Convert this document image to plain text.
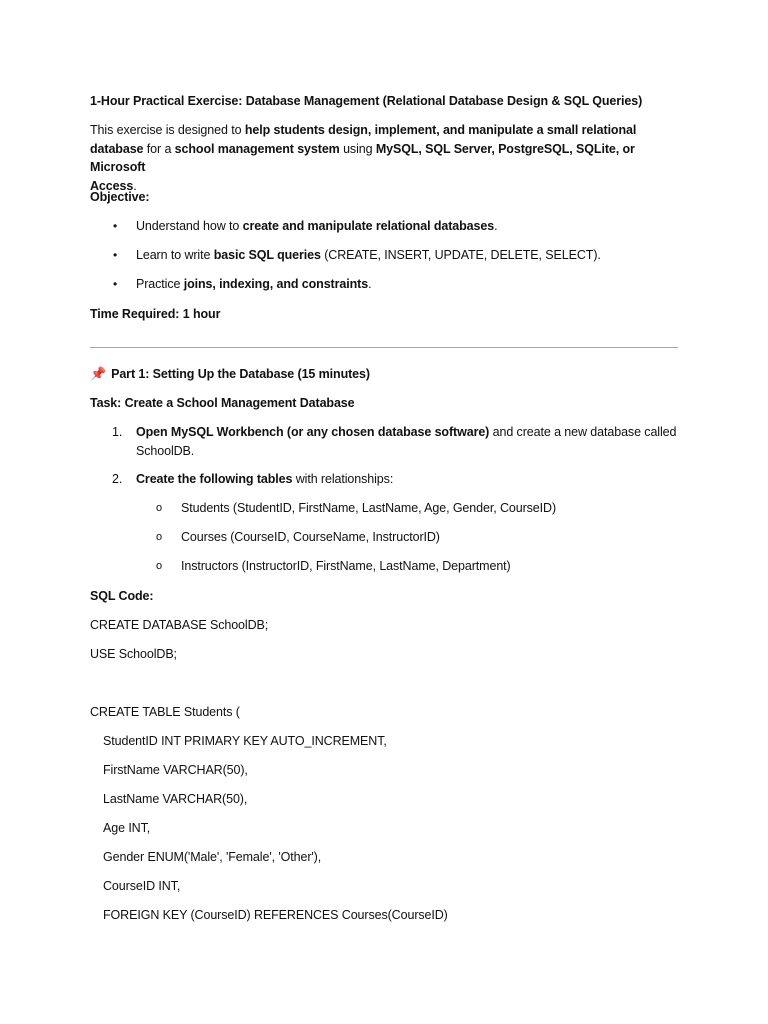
1-Hour Practical Exercise: Database Management (Relational Database Design & SQL Queries)
This exercise is designed to help students design, implement, and manipulate a small relational
database for a school management system using MySQL, SQL Server, PostgreSQL, SQLite, or Microsoft
Access.
Objective:
•	Understand how to create and manipulate relational databases.
•	Learn to write basic SQL queries (CREATE, INSERT, UPDATE, DELETE, SELECT).
•	Practice joins, indexing, and constraints.
Time Required: 1 hour
📌 Part 1: Setting Up the Database (15 minutes)
Task: Create a School Management Database
1.	Open MySQL Workbench (or any chosen database software) and create a new database called
SchoolDB.
2.	Create the following tables with relationships:
o	Students (StudentID, FirstName, LastName, Age, Gender, CourseID)
o	Courses (CourseID, CourseName, InstructorID)
o	Instructors (InstructorID, FirstName, LastName, Department)
SQL Code:
CREATE DATABASE SchoolDB;
USE SchoolDB;
CREATE TABLE Students (
StudentID INT PRIMARY KEY AUTO_INCREMENT,
FirstName VARCHAR(50),
LastName VARCHAR(50),
Age INT,
Gender ENUM('Male', 'Female', 'Other'),
CourseID INT,
FOREIGN KEY (CourseID) REFERENCES Courses(CourseID)
